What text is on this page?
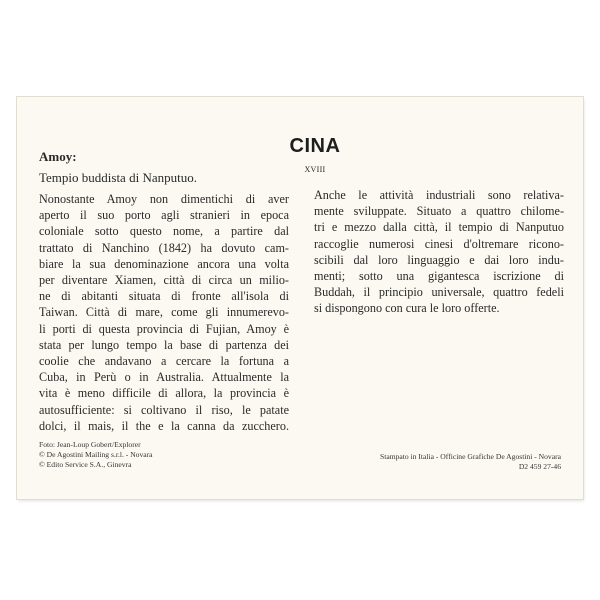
CINA
XVIII
Amoy:
Tempio buddista di Nanputuo.

Nonostante Amoy non dimentichi di aver

aperto il suo porto agli stranieri in epoca

coloniale sotto questo nome, a partire dal

trattato di Nanchino (1842) ha dovuto cam-

biare la sua denominazione ancora una volta

per diventare Xiamen, città di circa un milio-

ne di abitanti situata di fronte all'isola di

Taiwan. Città di mare, come gli innumerevo-

li porti di questa provincia di Fujian, Amoy è

stata per lungo tempo la base di partenza dei

coolie che andavano a cercare la fortuna a

Cuba, in Perù o in Australia. Attualmente la

vita è meno difficile di allora, la provincia è

autosufficiente: si coltivano il riso, le patate

dolci, il mais, il the e la canna da zucchero.

Anche le attività industriali sono relativa-

mente sviluppate. Situato a quattro chilome-

tri e mezzo dalla città, il tempio di Nanputuo

raccoglie numerosi cinesi d'oltremare ricono-

scibili dal loro linguaggio e dai loro indu-

menti; sotto una gigantesca iscrizione di

Buddah, il principio universale, quattro fedeli

si dispongono con cura le loro offerte.

Foto: Jean-Loup Gobert/Explorer
© De Agostini Mailing s.r.l. - Novara
© Edito Service S.A., Ginevra
Stampato in Italia - Officine Grafiche De Agostini - Novara
D2 459 27-46
